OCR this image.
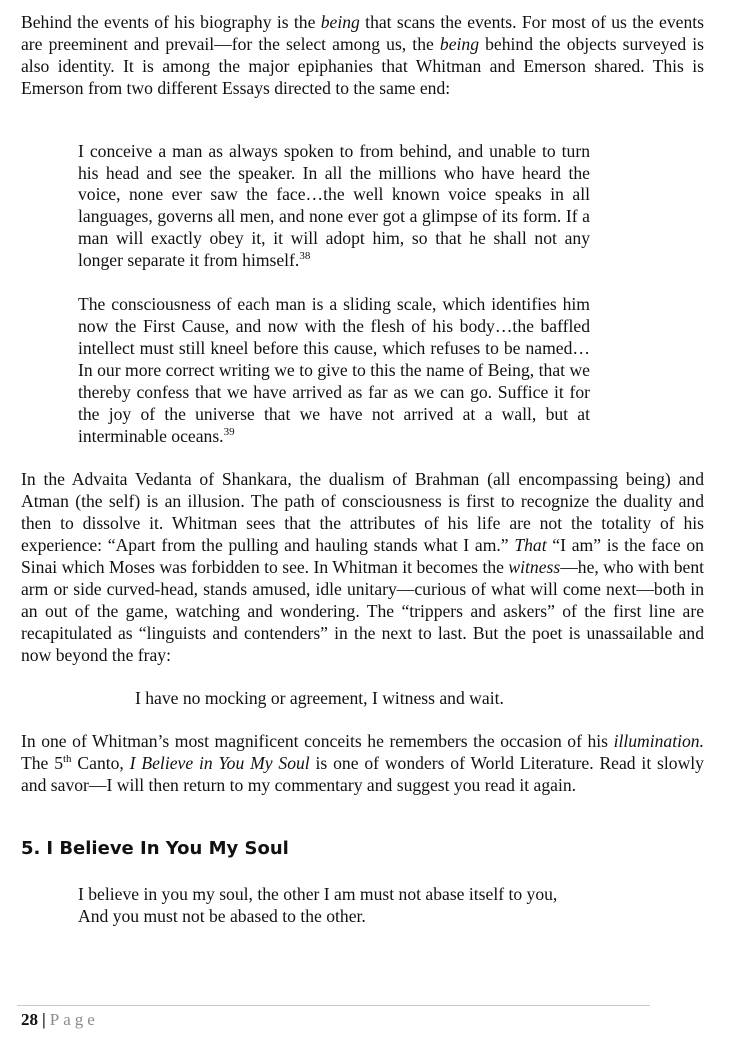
Behind the events of his biography is the being that scans the events. For most of us the events are preeminent and prevail—for the select among us, the being behind the objects surveyed is also identity. It is among the major epiphanies that Whitman and Emerson shared. This is Emerson from two different Essays directed to the same end:

I conceive a man as always spoken to from behind, and unable to turn his head and see the speaker. In all the millions who have heard the voice, none ever saw the face…the well known voice speaks in all languages, governs all men, and none ever got a glimpse of its form. If a man will exactly obey it, it will adopt him, so that he shall not any longer separate it from himself.$^{38}$

The consciousness of each man is a sliding scale, which identifies him now the First Cause, and now with the flesh of his body…the baffled intellect must still kneel before this cause, which refuses to be named…In our more correct writing we to give to this the name of Being, that we thereby confess that we have arrived as far as we can go. Suffice it for the joy of the universe that we have not arrived at a wall, but at interminable oceans.$^{39}$

In the Advaita Vedanta of Shankara, the dualism of Brahman (all encompassing being) and Atman (the self) is an illusion. The path of consciousness is first to recognize the duality and then to dissolve it. Whitman sees that the attributes of his life are not the totality of his experience: “Apart from the pulling and hauling stands what I am.” That “I am” is the face on Sinai which Moses was forbidden to see. In Whitman it becomes the witness—he, who with bent arm or side curved-head, stands amused, idle unitary—curious of what will come next—both in an out of the game, watching and wondering. The “trippers and askers” of the first line are recapitulated as “linguists and contenders” in the next to last. But the poet is unassailable and now beyond the fray:

I have no mocking or agreement, I witness and wait.

In one of Whitman’s most magnificent conceits he remembers the occasion of his illumination. The 5th Canto, I Believe in You My Soul is one of wonders of World Literature. Read it slowly and savor—I will then return to my commentary and suggest you read it again.

5. I Believe In You My Soul

I believe in you my soul, the other I am must not abase itself to you,

And you must not be abased to the other.

28 | Page
